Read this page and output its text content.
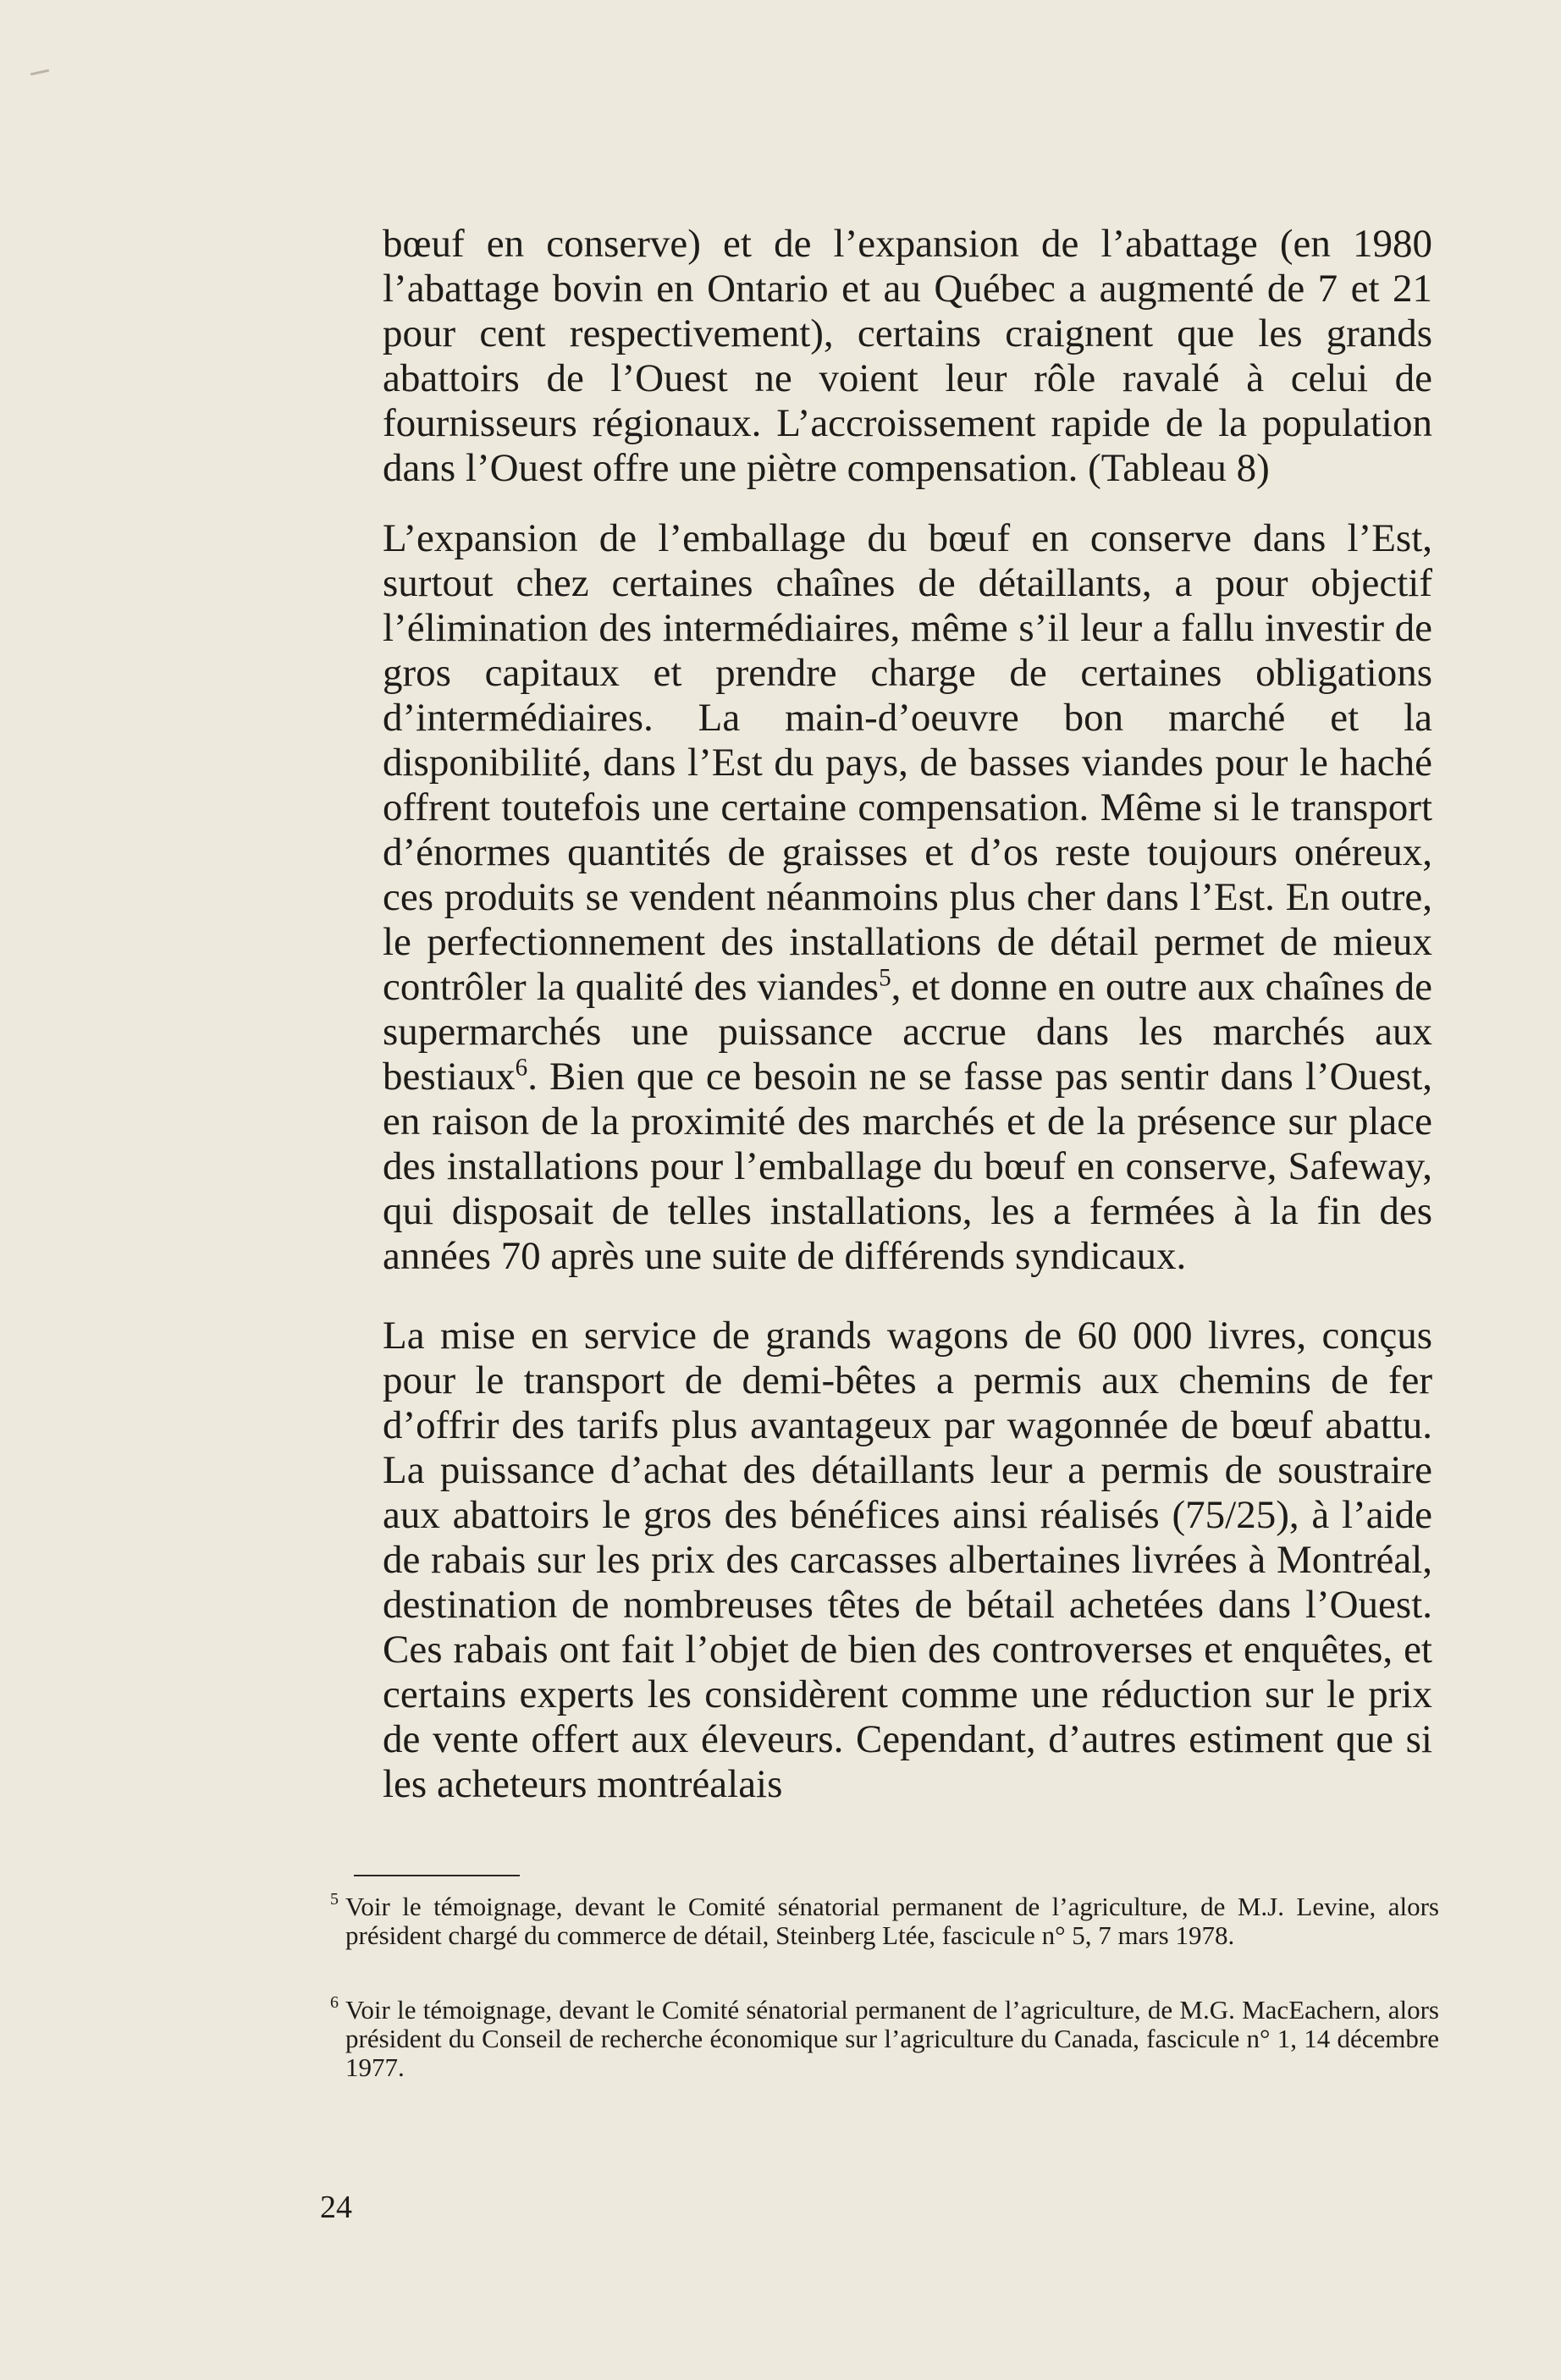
bœuf en conserve) et de l’expansion de l’abattage (en 1980 l’abattage bovin en Ontario et au Québec a augmenté de 7 et 21 pour cent respectivement), certains craignent que les grands abattoirs de l’Ouest ne voient leur rôle ravalé à celui de fournisseurs régionaux. L’accroissement rapide de la population dans l’Ouest offre une piètre compensation. (Tableau 8)

L’expansion de l’emballage du bœuf en conserve dans l’Est, surtout chez certaines chaînes de détaillants, a pour objectif l’élimination des intermédiaires, même s’il leur a fallu investir de gros capitaux et prendre charge de certaines obligations d’intermédiaires. La main-d’oeuvre bon marché et la disponibilité, dans l’Est du pays, de basses viandes pour le haché offrent toutefois une certaine compensation. Même si le transport d’énormes quantités de graisses et d’os reste toujours onéreux, ces produits se vendent néanmoins plus cher dans l’Est. En outre, le perfectionnement des installations de détail permet de mieux contrôler la qualité des viandes$^5$, et donne en outre aux chaînes de supermarchés une puissance accrue dans les marchés aux bestiaux$^6$. Bien que ce besoin ne se fasse pas sentir dans l’Ouest, en raison de la proximité des marchés et de la présence sur place des installations pour l’emballage du bœuf en conserve, Safeway, qui disposait de telles installations, les a fermées à la fin des années 70 après une suite de différends syndicaux.

La mise en service de grands wagons de 60 000 livres, conçus pour le transport de demi-bêtes a permis aux chemins de fer d’offrir des tarifs plus avantageux par wagonnée de bœuf abattu. La puissance d’achat des détaillants leur a permis de soustraire aux abattoirs le gros des bénéfices ainsi réalisés (75/25), à l’aide de rabais sur les prix des carcasses albertaines livrées à Montréal, destination de nombreuses têtes de bétail achetées dans l’Ouest. Ces rabais ont fait l’objet de bien des controverses et enquêtes, et certains experts les considèrent comme une réduction sur le prix de vente offert aux éleveurs. Cependant, d’autres estiment que si les acheteurs montréalais

5 Voir le témoignage, devant le Comité sénatorial permanent de l’agriculture, de M.J. Levine, alors président chargé du commerce de détail, Steinberg Ltée, fascicule n° 5, 7 mars 1978.

6 Voir le témoignage, devant le Comité sénatorial permanent de l’agriculture, de M.G. MacEachern, alors président du Conseil de recherche économique sur l’agriculture du Canada, fascicule n° 1, 14 décembre 1977.

24
